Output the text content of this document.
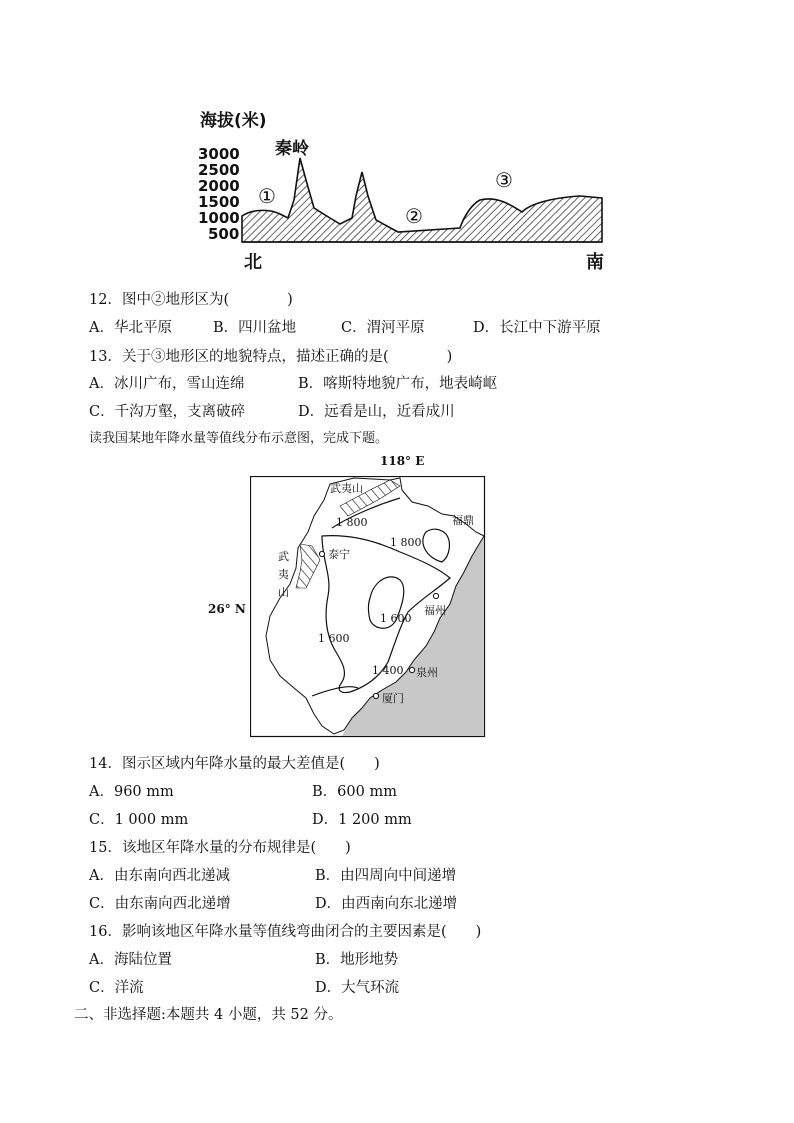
海拔(米)
秦岭
3000
2500
2000
1500
1000
500
①
②
③
北	南
12．图中②地形区为(　　　　)
A．华北平原	B．四川盆地	C．渭河平原	D．长江中下游平原
13．关于③地形区的地貌特点，描述正确的是(　　　　)
A．冰川广布，雪山连绵	B．喀斯特地貌广布，地表崎岖
C．千沟万壑，支离破碎	D．远看是山，近看成川
读我国某地年降水量等值线分布示意图，完成下题。
118° E
26° N
武夷山
武
夷
山
泰宁
福州
泉州
厦门
福鼎
1 800
1 800
1 600
1 600
1 400
14．图示区域内年降水量的最大差值是(　　)
A．960 mm	B．600 mm
C．1 000 mm	D．1 200 mm
15．该地区年降水量的分布规律是(　　)
A．由东南向西北递减	B．由四周向中间递增
C．由东南向西北递增	D．由西南向东北递增
16．影响该地区年降水量等值线弯曲闭合的主要因素是(　　)
A．海陆位置	B．地形地势
C．洋流	D．大气环流
二、非选择题:本题共 4 小题，共 52 分。
